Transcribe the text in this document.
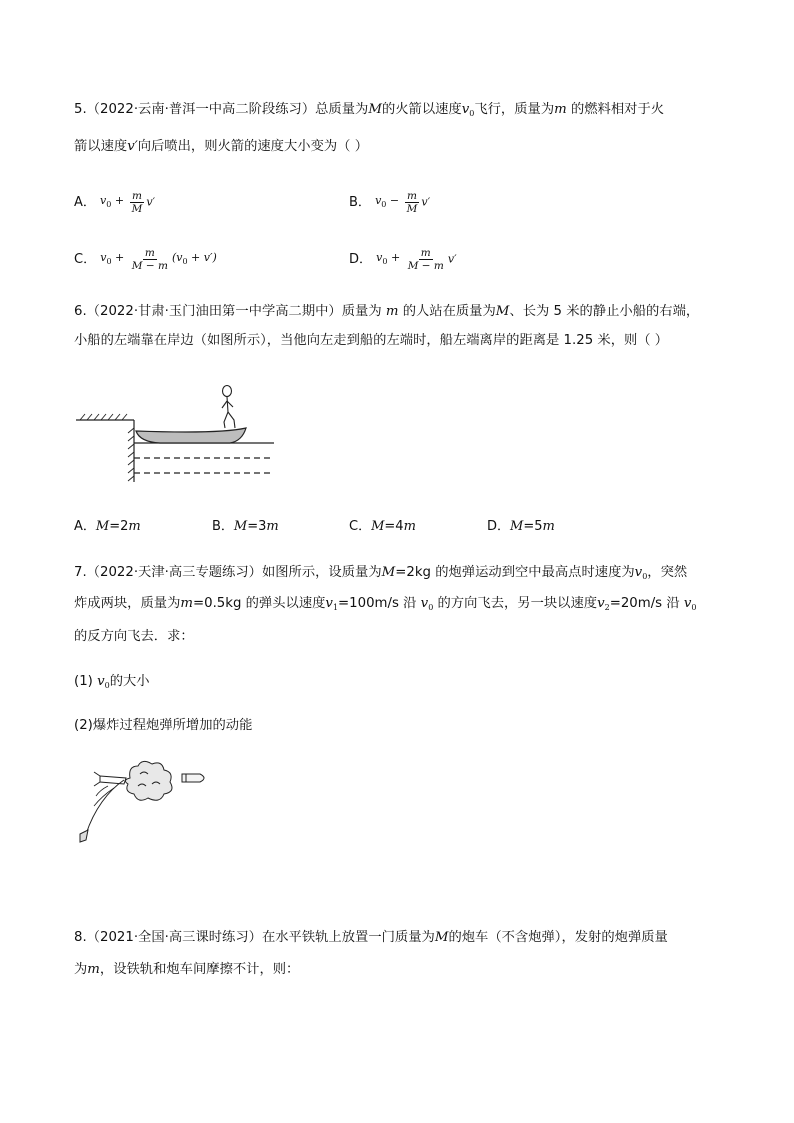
5.（2022·云南·普洱一中高二阶段练习）总质量为M的火箭以速度$v_0$飞行，质量为m 的燃料相对于火
箭以速度v′向后喷出，则火箭的速度大小变为（ ）
A． $v_0 + \frac{m}{M} v'$	B． $v_0 - \frac{m}{M} v'$
C． $v_0 + \frac{m}{M - m} (v_0 + v')$	D． $v_0 + \frac{m}{M - m} v'$
6.（2022·甘肃·玉门油田第一中学高二期中）质量为 m 的人站在质量为M、长为 5 米的静止小船的右端，
小船的左端靠在岸边（如图所示），当他向左走到船的左端时，船左端离岸的距离是 1.25 米，则（ ）
A．M=2m	B．M=3m	C．M=4m	D．M=5m
7.（2022·天津·高三专题练习）如图所示，设质量为M=2kg 的炮弹运动到空中最高点时速度为$v_0$，突然
炸成两块，质量为m=0.5kg 的弹头以速度$v_1=100m/s$ 沿 $v_0$ 的方向飞去，另一块以速度$v_2=20m/s$ 沿 $v_0$
的反方向飞去．求：
(1) $v_0$的大小
(2)爆炸过程炮弹所增加的动能
8.（2021·全国·高三课时练习）在水平铁轨上放置一门质量为M的炮车（不含炮弹），发射的炮弹质量
为m，设铁轨和炮车间摩擦不计，则：
